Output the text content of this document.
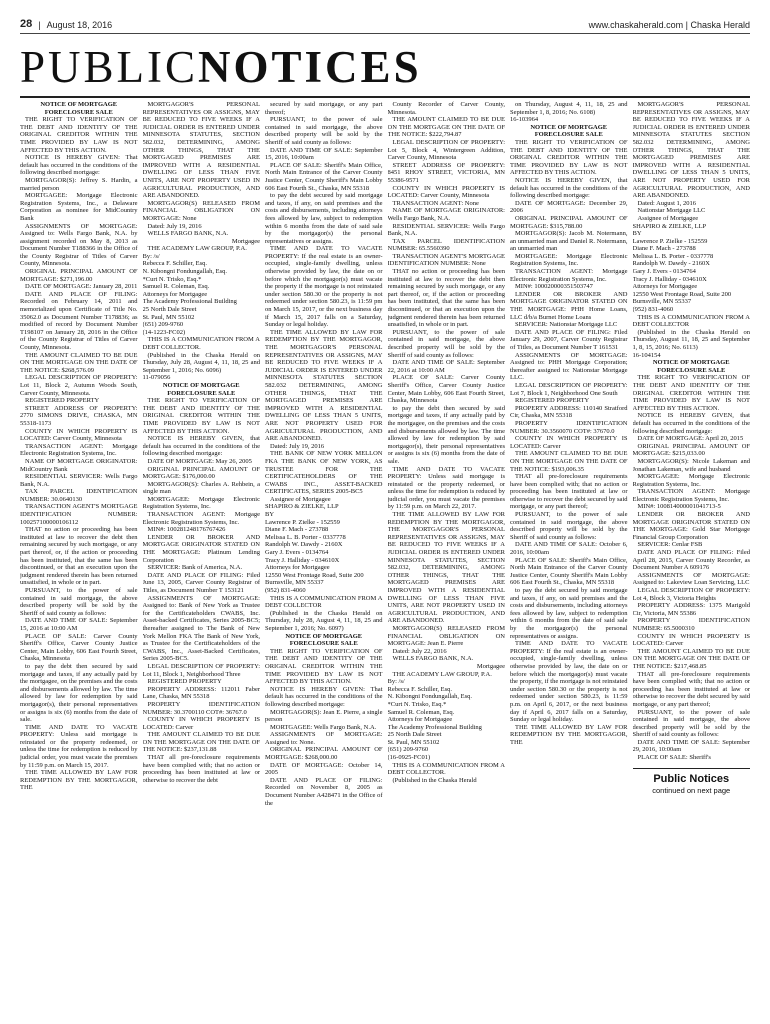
28 | August 18, 2016	www.chaskaherald.com | Chaska Herald
PUBLICNOTICES

NOTICE OF MORTGAGE FORECLOSURE SALE

THE RIGHT TO VERIFICATION OF THE DEBT AND IDENTITY OF THE ORIGINAL CREDITOR WITHIN THE TIME PROVIDED BY LAW IS NOT AFFECTED BY THIS ACTION.

NOTICE IS HEREBY GIVEN: That default has occurred in the conditions of the following described mortgage:

MORTGAGOR(S): Jeffrey S. Hardin, a married person

MORTGAGEE: Mortgage Electronic Registration Systems, Inc., a Delaware Corporation as nominee for MidCountry Bank

ASSIGNMENTS OF MORTGAGE: Assigned to: Wells Fargo Bank, N.A. by assignment recorded on May 8, 2013 as Document Number T188366 in the Office of the County Registrar of Titles of Carver County, Minnesota.

ORIGINAL PRINCIPAL AMOUNT OF MORTGAGE: $271,196.00

DATE OF MORTGAGE: January 28, 2011

DATE AND PLACE OF FILING: Recorded on February 14, 2011 and memorialized upon Certificate of Title No. 35062.0 as Document Number T178836; as modified of record by Document Number T198107 on January 28, 2016 in the Office of the County Registrar of Titles of Carver County, Minnesota.

THE AMOUNT CLAIMED TO BE DUE ON THE MORTGAGE ON THE DATE OF THE NOTICE: $268,576.09

LEGAL DESCRIPTION OF PROPERTY: Lot 11, Block 2, Autumn Woods South, Carver County, Minnesota.

REGISTERED PROPERTY

STREET ADDRESS OF PROPERTY: 2770 SIMONS DRIVE, CHASKA, MN 55318-1173

COUNTY IN WHICH PROPERTY IS LOCATED: Carver County, Minnesota

TRANSACTION AGENT: Mortgage Electronic Registration Systems, Inc.

NAME OF MORTGAGE ORIGINATOR: MidCountry Bank

RESIDENTIAL SERVICER: Wells Fargo Bank, N.A.

TAX PARCEL IDENTIFICATION NUMBER: 30.0640130

TRANSACTION AGENT'S MORTGAGE IDENTIFICATION NUMBER: 100257100000106112

THAT no action or proceeding has been instituted at law to recover the debt then remaining secured by such mortgage, or any part thereof, or, if the action or proceeding has been instituted, that the same has been discontinued, or that an execution upon the judgment rendered therein has been returned unsatisfied, in whole or in part.

PURSUANT, to the power of sale contained in said mortgage, the above described property will be sold by the Sheriff of said county as follows:

DATE AND TIME OF SALE: September 15, 2016 at 10:00 AM

PLACE OF SALE: Carver County Sheriff's Office, Carver County Justice Center, Main Lobby, 606 East Fourth Street, Chaska, Minnesota

to pay the debt then secured by said mortgage and taxes, if any actually paid by the mortgagee, on the premises and the costs and disbursements allowed by law. The time allowed by law for redemption by said mortgagor(s), their personal representatives or assigns is six (6) months from the date of sale.

TIME AND DATE TO VACATE PROPERTY: Unless said mortgage is reinstated or the property redeemed, or unless the time for redemption is reduced by judicial order, you must vacate the premises by 11:59 p.m. on March 15, 2017.

THE TIME ALLOWED BY LAW FOR REDEMPTION BY THE MORTGAGOR, THE

MORTGAGOR'S PERSONAL REPRESENTATIVES OR ASSIGNS, MAY BE REDUCED TO FIVE WEEKS IF A JUDICIAL ORDER IS ENTERED UNDER MINNESOTA STATUTES, SECTION 582.032, DETERMINING, AMONG OTHER THINGS, THAT THE MORTGAGED PREMISES ARE IMPROVED WITH A RESIDENTIAL DWELLING OF LESS THAN FIVE UNITS, ARE NOT PROPERTY USED IN AGRICULTURAL PRODUCTION, AND ARE ABANDONED.

MORTGAGOR(S) RELEASED FROM FINANCIAL OBLIGATION ON MORTGAGE: None

Dated: July 19, 2016

WELLS FARGO BANK, N.A.

Mortgagee

THE ACADEMY LAW GROUP, P.A.

By: /s/

Rebecca F. Schiller, Esq.

N. Kibongni Fondungallah, Esq.

*Curt N. Trisko, Esq.*

Samuel R. Coleman, Esq.

Attorneys for Mortgagee

The Academy Professional Building

25 North Dale Street

St. Paul, MN 55102

(651) 209-9760

(14-1223-FC02)

THIS IS A COMMUNICATION FROM A DEBT COLLECTOR.

(Published in the Chaska Herald on Thursday, July 28, August 4, 11, 18, 25 and September 1, 2016; No. 6096)

11-079056

NOTICE OF MORTGAGE FORECLOSURE SALE

THE RIGHT TO VERIFICATION OF THE DEBT AND IDENTITY OF THE ORIGINAL CREDITOR WITHIN THE TIME PROVIDED BY LAW IS NOT AFFECTED BY THIS ACTION.

NOTICE IS HEREBY GIVEN, that default has occurred in the conditions of the following described mortgage:

DATE OF MORTGAGE: May 26, 2005

ORIGINAL PRINCIPAL AMOUNT OF MORTGAGE: $176,000.00

MORTGAGOR(S): Charles A. Rehbein, a single man

MORTGAGEE: Mortgage Electronic Registration Systems, Inc.

TRANSACTION AGENT: Mortgage Electronic Registration Systems, Inc.

MIN#: 100281248176767426

LENDER OR BROKER AND MORTGAGE ORIGINATOR STATED ON THE MORTGAGE: Platinum Lending Corporation

SERVICER: Bank of America, N.A.

DATE AND PLACE OF FILING: Filed June 13, 2005, Carver County Registrar of Titles, as Document Number T 153121

ASSIGNMENTS OF MORTGAGE: Assigned to: Bank of New York as Trustee for the Certificateholders CWABS, Inc. Asset-backed Certificates, Series 2005-BC5; thereafter assigned to The Bank of New York Mellon FKA The Bank of New York, as Trustee for the Certificateholders of the CWABS, Inc., Asset-Backed Certificates, Series 2005-BC5.

LEGAL DESCRIPTION OF PROPERTY: Lot 11, Block 1, Neighborhood Three

REGISTERED PROPERTY

PROPERTY ADDRESS: 112011 Faber Lane, Chaska, MN 55318

PROPERTY IDENTIFICATION NUMBER: 30.3700110 COT#: 36767.0

COUNTY IN WHICH PROPERTY IS LOCATED: Carver

THE AMOUNT CLAIMED TO BE DUE ON THE MORTGAGE ON THE DATE OF THE NOTICE: $237,131.88

THAT all pre-foreclosure requirements have been complied with; that no action or proceeding has been instituted at law or otherwise to recover the debt

secured by said mortgage, or any part thereof;

PURSUANT, to the power of sale contained in said mortgage, the above described property will be sold by the Sheriff of said county as follows:

DATE AND TIME OF SALE: September 15, 2016, 10:00am

PLACE OF SALE: Sheriff's Main Office, North Main Entrance of the Carver County Justice Center, County Sheriff's Main Lobby 606 East Fourth St., Chaska, MN 55318

to pay the debt secured by said mortgage and taxes, if any, on said premises and the costs and disbursements, including attorneys fees allowed by law, subject to redemption within 6 months from the date of said sale by the mortgagor(s) the personal representatives or assigns.

TIME AND DATE TO VACATE PROPERTY: If the real estate is an owner-occupied, single-family dwelling, unless otherwise provided by law, the date on or before which the mortgagor(s) must vacate the property if the mortgage is not reinstated under section 580.30 or the property is not redeemed under section 580.23, is 11:59 pm on March 15, 2017, or the next business day if March 15, 2017 falls on a Saturday, Sunday or legal holiday.

THE TIME ALLOWED BY LAW FOR REDEMPTION BY THE MORTGAGOR, THE MORTGAGOR'S PERSONAL REPRESENTATIVES OR ASSIGNS, MAY BE REDUCED TO FIVE WEEKS IF A JUDICIAL ORDER IS ENTERED UNDER MINNESOTA STATUTES SECTION 582.032 DETERMINING, AMONG OTHER THINGS, THAT THE MORTGAGED PREMISES ARE IMPROVED WITH A RESIDENTIAL DWELLING OF LESS THAN 5 UNITS, ARE NOT PROPERTY USED FOR AGRICULTURAL PRODUCTION, AND ARE ABANDONED.

Dated: July 19, 2016

THE BANK OF NEW YORK MELLON FKA THE BANK OF NEW YORK, AS TRUSTEE FOR THE CERTIFICATEHOLDERS OF THE CWABS INC., ASSET-BACKED CERTIFICATES, SERIES 2005-BC5

Assignee of Mortgagee

SHAPIRO & ZIELKE, LLP

BY

Lawrence P. Zielke - 152559

Diane F. Mach - 273788

Melissa L. B. Porter - 0337778

Randolph W. Dawdy - 2160X

Gary J. Evers - 0134764

Tracy J. Halliday - 034610X

Attorneys for Mortgagee

12550 West Frontage Road, Suite 200

Burnsville, MN 55337

(952) 831-4060

THIS IS A COMMUNICATION FROM A DEBT COLLECTOR

(Published in the Chaska Herald on Thursday, July 28, August 4, 11, 18, 25 and September 1, 2016; No. 6097)

NOTICE OF MORTGAGE FORECLOSURE SALE

THE RIGHT TO VERIFICATION OF THE DEBT AND IDENTITY OF THE ORIGINAL CREDITOR WITHIN THE TIME PROVIDED BY LAW IS NOT AFFECTED BY THIS ACTION.

NOTICE IS HEREBY GIVEN: That default has occurred in the conditions of the following described mortgage:

MORTGAGOR(S): Jean E. Pierre, a single person

MORTGAGEE: Wells Fargo Bank, N.A.

ASSIGNMENTS OF MORTGAGE: Assigned to: None.

ORIGINAL PRINCIPAL AMOUNT OF MORTGAGE: $268,000.00

DATE OF MORTGAGE: October 14, 2005

DATE AND PLACE OF FILING: Recorded on November 8, 2005 as Document Number A428471 in the Office of the

County Recorder of Carver County, Minnesota.

THE AMOUNT CLAIMED TO BE DUE ON THE MORTGAGE ON THE DATE OF THE NOTICE: $222,794.87

LEGAL DESCRIPTION OF PROPERTY: Lot 5, Block 4, Wintergreen Addition, Carver County, Minnesota

STREET ADDRESS OF PROPERTY: 8451 RHOY STREET, VICTORIA, MN 55386-9571

COUNTY IN WHICH PROPERTY IS LOCATED: Carver County, Minnesota

TRANSACTION AGENT: None

NAME OF MORTGAGE ORIGINATOR: Wells Fargo Bank, N.A.

RESIDENTIAL SERVICER: Wells Fargo Bank, N.A.

TAX PARCEL IDENTIFICATION NUMBER: 65.5560390

TRANSACTION AGENT'S MORTGAGE IDENTIFICATION NUMBER: None

THAT no action or proceeding has been instituted at law to recover the debt then remaining secured by such mortgage, or any part thereof, or, if the action or proceeding has been instituted, that the same has been discontinued, or that an execution upon the judgment rendered therein has been returned unsatisfied, in whole or in part.

PURSUANT, to the power of sale contained in said mortgage, the above described property will be sold by the Sheriff of said county as follows:

DATE AND TIME OF SALE: September 22, 2016 at 10:00 AM

PLACE OF SALE: Carver County Sheriff's Office, Carver County Justice Center, Main Lobby, 606 East Fourth Street, Chaska, Minnesota

to pay the debt then secured by said mortgage and taxes, if any actually paid by the mortgagee, on the premises and the costs and disbursements allowed by law. The time allowed by law for redemption by said mortgagor(s), their personal representatives or assigns is six (6) months from the date of sale.

TIME AND DATE TO VACATE PROPERTY: Unless said mortgage is reinstated or the property redeemed, or unless the time for redemption is reduced by judicial order, you must vacate the premises by 11:59 p.m. on March 22, 2017.

THE TIME ALLOWED BY LAW FOR REDEMPTION BY THE MORTGAGOR, THE MORTGAGOR'S PERSONAL REPRESENTATIVES OR ASSIGNS, MAY BE REDUCED TO FIVE WEEKS IF A JUDICIAL ORDER IS ENTERED UNDER MINNESOTA STATUTES, SECTION 582.032, DETERMINING, AMONG OTHER THINGS, THAT THE MORTGAGED PREMISES ARE IMPROVED WITH A RESIDENTIAL DWELLING OF LESS THAN FIVE UNITS, ARE NOT PROPERTY USED IN AGRICULTURAL PRODUCTION, AND ARE ABANDONED.

MORTGAGOR(S) RELEASED FROM FINANCIAL OBLIGATION ON MORTGAGE: Jean E. Pierre

Dated: July 22, 2016

WELLS FARGO BANK, N.A.

Mortgagee

THE ACADEMY LAW GROUP, P.A.

By: /s/

Rebecca F. Schiller, Esq.

N. Kibongni Fondungallah, Esq.

*Curt N. Trisko, Esq.*

Samuel R. Coleman, Esq.

Attorneys for Mortgagee

The Academy Professional Building

25 North Dale Street

St. Paul, MN 55102

(651) 209-9760

(16-0925-FC01)

THIS IS A COMMUNICATION FROM A DEBT COLLECTOR.

(Published in the Chaska Herald

on Thursday, August 4, 11, 18, 25 and September 1, 8, 2016; No. 6108)

16-103964

NOTICE OF MORTGAGE FORECLOSURE SALE

THE RIGHT TO VERIFICATION OF THE DEBT AND IDENTITY OF THE ORIGINAL CREDITOR WITHIN THE TIME PROVIDED BY LAW IS NOT AFFECTED BY THIS ACTION.

NOTICE IS HEREBY GIVEN, that default has occurred in the conditions of the following described mortgage:

DATE OF MORTGAGE: December 29, 2006

ORIGINAL PRINCIPAL AMOUNT OF MORTGAGE: $315,788.00

MORTGAGOR(S): Jacob M. Notermann, an unmarried man and Daniel R. Notermann, an unmarried man

MORTGAGEE: Mortgage Electronic Registration Systems, Inc.

TRANSACTION AGENT: Mortgage Electronic Registration Systems, Inc.

MIN#: 100020000351503747

LENDER OR BROKER AND MORTGAGE ORIGINATOR STATED ON THE MORTGAGE: PHH Home Loans, LLC d/b/a Burnet Home Loans

SERVICER: Nationstar Mortgage LLC

DATE AND PLACE OF FILING: Filed January 29, 2007, Carver County Registrar of Titles, as Document Number T 161531

ASSIGNMENTS OF MORTGAGE: Assigned to: PHH Mortgage Corporation; thereafter assigned to: Nationstar Mortgage LLC.

LEGAL DESCRIPTION OF PROPERTY: Lot 7, Block 1, Neighborhood One South

REGISTERED PROPERTY

PROPERTY ADDRESS: 110140 Stratford Cir, Chaska, MN 55318

PROPERTY IDENTIFICATION NUMBER: 30.3560070 COT#: 37670.0

COUNTY IN WHICH PROPERTY IS LOCATED: Carver

THE AMOUNT CLAIMED TO BE DUE ON THE MORTGAGE ON THE DATE OF THE NOTICE: $193,006.35

THAT all pre-foreclosure requirements have been complied with; that no action or proceeding has been instituted at law or otherwise to recover the debt secured by said mortgage, or any part thereof;

PURSUANT, to the power of sale contained in said mortgage, the above described property will be sold by the Sheriff of said county as follows:

DATE AND TIME OF SALE: October 6, 2016, 10:00am

PLACE OF SALE: Sheriff's Main Office, North Main Entrance of the Carver County Justice Center, County Sheriff's Main Lobby 606 East Fourth St., Chaska, MN 55318

to pay the debt secured by said mortgage and taxes, if any, on said premises and the costs and disbursements, including attorneys fees allowed by law, subject to redemption within 6 months from the date of said sale by the mortgagor(s) the personal representatives or assigns.

TIME AND DATE TO VACATE PROPERTY: If the real estate is an owner-occupied, single-family dwelling, unless otherwise provided by law, the date on or before which the mortgagor(s) must vacate the property, if the mortgage is not reinstated under section 580.30 or the property is not redeemed under section 580.23, is 11:59 p.m. on April 6, 2017, or the next business day if April 6, 2017 falls on a Saturday, Sunday or legal holiday.

THE TIME ALLOWED BY LAW FOR REDEMPTION BY THE MORTGAGOR, THE

MORTGAGOR'S PERSONAL REPRESENTATIVES OR ASSIGNS, MAY BE REDUCED TO FIVE WEEKS IF A JUDICIAL ORDER IS ENTERED UNDER MINNESOTA STATUTES SECTION 582.032 DETERMINING, AMONG OTHER THINGS, THAT THE MORTGAGED PREMISES ARE IMPROVED WITH A RESIDENTIAL DWELLING OF LESS THAN 5 UNITS, ARE NOT PROPERTY USED FOR AGRICULTURAL PRODUCTION, AND ARE ABANDONED.

Dated: August 1, 2016

Nationstar Mortgage LLC

Assignee of Mortgagee

SHAPIRO & ZIELKE, LLP

BY

Lawrence P. Zielke - 152559

Diane F. Mach - 273788

Melissa L. B. Porter - 0337778

Randolph W. Dawdy - 2160X

Gary J. Evers - 0134764

Tracy J. Halliday - 034610X

Attorneys for Mortgagee

12550 West Frontage Road, Suite 200

Burnsville, MN 55337

(952) 831-4060

THIS IS A COMMUNICATION FROM A DEBT COLLECTOR

(Published in the Chaska Herald on Thursday, August 11, 18, 25 and September 1, 8, 15, 2016; No. 6113)

16-104154

NOTICE OF MORTGAGE FORECLOSURE SALE

THE RIGHT TO VERIFICATION OF THE DEBT AND IDENTITY OF THE ORIGINAL CREDITOR WITHIN THE TIME PROVIDED BY LAW IS NOT AFFECTED BY THIS ACTION.

NOTICE IS HEREBY GIVEN, that default has occurred in the conditions of the following described mortgage:

DATE OF MORTGAGE: April 20, 2015

ORIGINAL PRINCIPAL AMOUNT OF MORTGAGE: $215,033.00

MORTGAGOR(S): Nicole Lakeman and Jonathan Lakeman, wife and husband

MORTGAGEE: Mortgage Electronic Registration Systems, Inc.

TRANSACTION AGENT: Mortgage Electronic Registration Systems, Inc.

MIN#: 100814000001041713-5

LENDER OR BROKER AND MORTGAGE ORIGINATOR STATED ON THE MORTGAGE: Gold Star Mortgage Financial Group Corporation

SERVICER: Cenlar FSB

DATE AND PLACE OF FILING: Filed April 28, 2015, Carver County Recorder, as Document Number A 609176

ASSIGNMENTS OF MORTGAGE: Assigned to: Lakeview Loan Servicing, LLC

LEGAL DESCRIPTION OF PROPERTY: Lot 4, Block 3, Victoria Heights

PROPERTY ADDRESS: 1375 Marigold Cir, Victoria, MN 55386

PROPERTY IDENTIFICATION NUMBER: 65.5000310

COUNTY IN WHICH PROPERTY IS LOCATED: Carver

THE AMOUNT CLAIMED TO BE DUE ON THE MORTGAGE ON THE DATE OF THE NOTICE: $217,468.85

THAT all pre-foreclosure requirements have been complied with; that no action or proceeding has been instituted at law or otherwise to recover the debt secured by said mortgage, or any part thereof;

PURSUANT, to the power of sale contained in said mortgage, the above described property will be sold by the Sheriff of said county as follows:

DATE AND TIME OF SALE: September 29, 2016, 10:00am

PLACE OF SALE: Sheriff's

Public Notices
continued on next page
